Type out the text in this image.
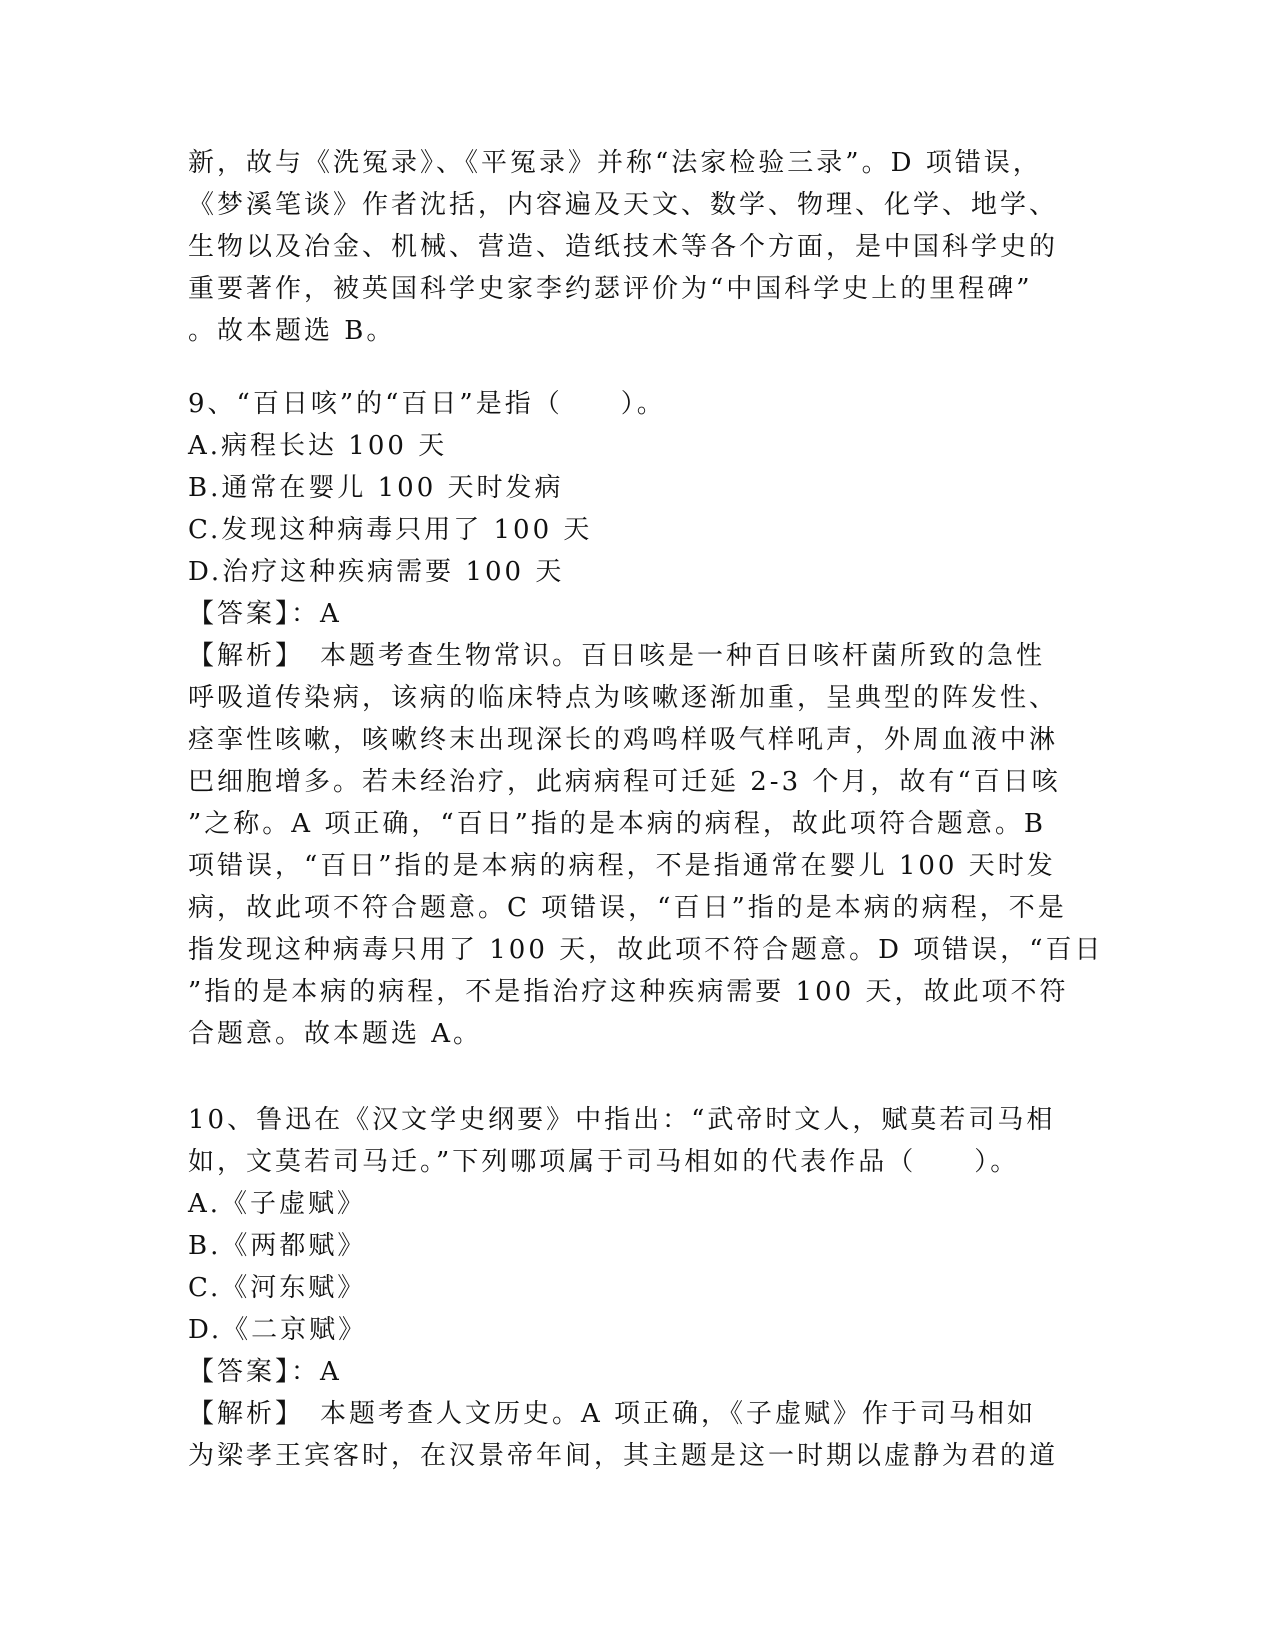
新，故与《洗冤录》、《平冤录》并称“法家检验三录”。D 项错误，
《梦溪笔谈》作者沈括，内容遍及天文、数学、物理、化学、地学、
生物以及冶金、机械、营造、造纸技术等各个方面，是中国科学史的
重要著作，被英国科学史家李约瑟评价为“中国科学史上的里程碑”
。故本题选 B。
9、“百日咳”的“百日”是指（　　）。
A.病程长达 100 天
B.通常在婴儿 100 天时发病
C.发现这种病毒只用了 100 天
D.治疗这种疾病需要 100 天
【答案】：A
【解析】　本题考查生物常识。百日咳是一种百日咳杆菌所致的急性
呼吸道传染病，该病的临床特点为咳嗽逐渐加重，呈典型的阵发性、
痉挛性咳嗽，咳嗽终末出现深长的鸡鸣样吸气样吼声，外周血液中淋
巴细胞增多。若未经治疗，此病病程可迁延 2-3 个月，故有“百日咳
”之称。A 项正确，“百日”指的是本病的病程，故此项符合题意。B
项错误，“百日”指的是本病的病程，不是指通常在婴儿 100 天时发
病，故此项不符合题意。C 项错误，“百日”指的是本病的病程，不是
指发现这种病毒只用了 100 天，故此项不符合题意。D 项错误，“百日
”指的是本病的病程，不是指治疗这种疾病需要 100 天，故此项不符
合题意。故本题选 A。
10、鲁迅在《汉文学史纲要》中指出：“武帝时文人，赋莫若司马相
如，文莫若司马迁。”下列哪项属于司马相如的代表作品（　　）。
A.《子虚赋》
B.《两都赋》
C.《河东赋》
D.《二京赋》
【答案】：A
【解析】　本题考查人文历史。A 项正确，《子虚赋》作于司马相如
为梁孝王宾客时，在汉景帝年间，其主题是这一时期以虚静为君的道
